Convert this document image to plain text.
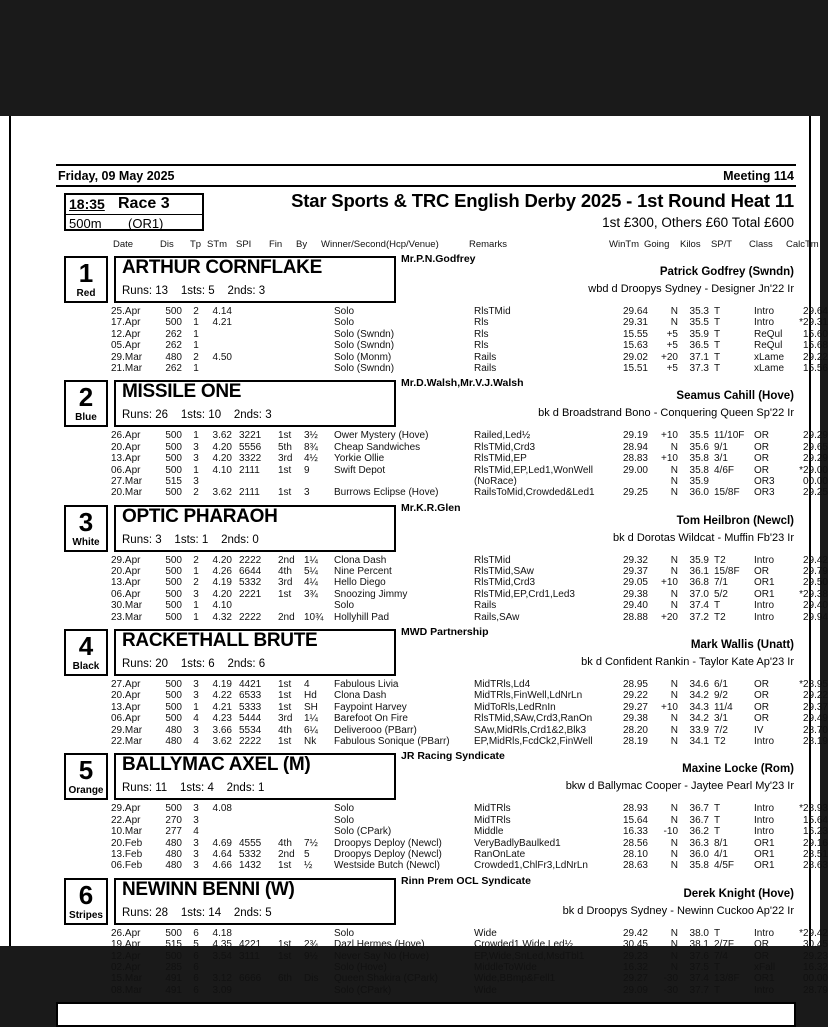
Friday, 09 May 2025	Meeting 114
18:35 Race 3
500m (OR1)
Star Sports & TRC English Derby 2025 - 1st Round Heat 11
1st £300, Others £60 Total £600
Date	Dis Tp STm SPI Fin By Winner/Second(Hcp/Venue)	Remarks	WinTm Going Kilos SP/T Class CalcTm
1
Red
ARTHUR CORNFLAKE
Runs: 13 1sts: 5 2nds: 3
Mr.P.N.Godfrey
Patrick Godfrey (Swndn)
wbd d Droopys Sydney - Designer Jn'22 Ir
25.Apr	500 2	4.14	Solo	RlsTMid	29.64	N	35.3 T	Intro	29.64
17.Apr	500 1	4.21	Solo	Rls	29.31	N	35.5 T	Intro	*29.31
12.Apr	262 1	Solo (Swndn)	Rls	15.55	+5	35.9 T	ReQul	15.60
05.Apr	262 1	Solo (Swndn)	Rls	15.63	+5	36.5 T	ReQul	15.68
29.Mar	480 2	4.50	Solo (Monm)	Rails	29.02	+20	37.1 T	xLame	29.22
21.Mar	262 1	Solo (Swndn)	Rails	15.51	+5	37.3 T	xLame	15.56
2
Blue
MISSILE ONE
Runs: 26 1sts: 10 2nds: 3
Mr.D.Walsh,Mr.V.J.Walsh
Seamus Cahill (Hove)
bk d Broadstrand Bono - Conquering Queen Sp'22 Ir
26.Apr	500 1	3.62 3221 1st 3½ Ower Mystery (Hove)	Railed,Led½	29.19	+10	35.5 11/10F OR	29.29
20.Apr	500 3	4.20 5556 5th 8¾ Cheap Sandwiches	RlsTMid,Crd3	28.94	N	35.6 9/1	OR	29.65
13.Apr	500 3	4.20 3322 3rd 4½ Yorkie Ollie	RlsTMid,EP	28.83	+10	35.8 3/1	OR	29.29
06.Apr	500 1	4.10 2111 1st 9 Swift Depot	RlsTMid,EP,Led1,WonWell	29.00	N	35.8 4/6F OR	*29.00
27.Mar	515 3	(NoRace)	N	35.9	OR3	00.00
20.Mar	500 2	3.62 2111 1st 3 Burrows Eclipse (Hove)	RailsToMid,Crowded&Led1	29.25	N	36.0 15/8F OR3	29.25
3
White
OPTIC PHARAOH
Runs: 3 1sts: 1 2nds: 0
Mr.K.R.Glen
Tom Heilbron (Newcl)
bk d Dorotas Wildcat - Muffin Fb'23 Ir
29.Apr	500 2	4.20 2222 2nd 1¼ Clona Dash	RlsTMid	29.32	N	35.9 T2	Intro	29.42
20.Apr	500 1	4.26 6644 4th 5¼ Nine Percent	RlsTMid,SAw	29.37	N	36.1 15/8F OR	29.79
13.Apr	500 2	4.19 5332 3rd 4¼ Hello Diego	RlsTMid,Crd3	29.05	+10	36.8 7/1	OR1	29.50
06.Apr	500 3	4.20 2221 1st 3¾ Snoozing Jimmy	RlsTMid,EP,Crd1,Led3	29.38	N	37.0 5/2	OR1	*29.38
30.Mar	500 1	4.10	Solo	Rails	29.40	N	37.4 T	Intro	29.40
23.Mar	500 1	4.32 2222 2nd 10¾ Hollyhill Pad	Rails,SAw	28.88	+20	37.2 T2	Intro	29.94
4
Black
RACKETHALL BRUTE
Runs: 20 1sts: 6 2nds: 6
MWD Partnership
Mark Wallis (Unatt)
bk d Confident Rankin - Taylor Kate Ap'23 Ir
27.Apr	500 3	4.19 4421 1st 4 Fabulous Livia	MidTRls,Ld4	28.95	N	34.6 6/1	OR	*28.95
20.Apr	500 3	4.22 6533 1st Hd Clona Dash	MidTRls,FinWell,LdNrLn	29.22	N	34.2 9/2	OR	29.22
13.Apr	500 1	4.21 5333 1st SH Faypoint Harvey	MidToRls,LedRnIn	29.27	+10	34.3 11/4 OR	29.37
06.Apr	500 4	4.23 5444 3rd 1¼ Barefoot On Fire	RlsTMid,SAw,Crd3,RanOn	29.38	N	34.2 3/1	OR	29.49
29.Mar	480 3	3.66 5534 4th 6¼ Deliverooo (PBarr)	SAw,MidRls,Crd1&2,Blk3	28.20	N	33.9 7/2	IV	28.70
22.Mar	480 4	3.62 2222 1st Nk Fabulous Sonique (PBarr) EP,MidRls,FcdCk2,FinWell	28.19	N	34.1 T2	Intro	28.19
5
Orange
BALLYMAC AXEL (M)
Runs: 11 1sts: 4 2nds: 1
JR Racing Syndicate
Maxine Locke (Rom)
bkw d Ballymac Cooper - Jaytee Pearl My'23 Ir
29.Apr	500 3	4.08	Solo	MidTRls	28.93	N	36.7 T	Intro	*28.93
22.Apr	270 3	Solo	MidTRls	15.64	N	36.7 T	Intro	15.64
10.Mar	277 4	Solo (CPark)	Middle	16.33	-10	36.2 T	Intro	16.23
20.Feb	480 3	4.69 4555 4th 7½ Droopys Deploy (Newcl)	VeryBadlyBaulked1	28.56	N	36.3 8/1	OR1	29.16
13.Feb	480 3	4.64 5332 2nd 5 Droopys Deploy (Newcl)	RanOnLate	28.10	N	36.0 4/1	OR1	28.51
06.Feb	480 3	4.66 1432 1st ½ Westside Butch (Newcl)	Crowded1,ChlFr3,LdNrLn	28.63	N	35.8 4/5F OR1	28.63
6
Stripes
NEWINN BENNI (W)
Runs: 28 1sts: 14 2nds: 5
Rinn Prem OCL Syndicate
Derek Knight (Hove)
bk d Droopys Sydney - Newinn Cuckoo Ap'22 Ir
26.Apr	500 6	4.18	Solo	Wide	29.42	N	38.0 T	Intro	*29.42
19.Apr	515 5	4.35 4221 1st 2¾ Dazl Hermes (Hove)	Crowded1,Wide,Led½	30.45	N	38.1 2/7F OR	30.45
12.Apr	500 6	3.54 3111 1st 9½ Never Say No (Hove)	EP,Wide,SnLed,MsdTbl1	29.23	N	37.6 7/4	OR	29.23
02.Apr	285 6	Solo (Hove)	MiddleToWide	16.32	N	37.5 T	xFall	16.32
15.Mar	491 6	3.12 6666 6th Dis Queen Shakira (CPark)	Wide,BBmp&Fell1	29.27	-30	37.4 13/8F OR1	00.00
08.Mar	491 6	3.09	Solo (CPark)	Wide	29.09	-30	37.7 T	Intro	28.79
